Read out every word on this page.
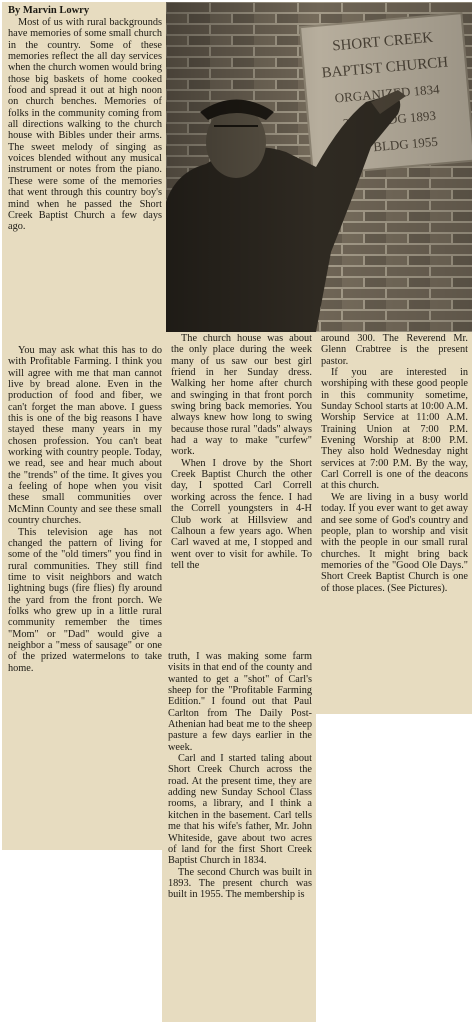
By Marvin Lowry

Most of us with rural backgrounds have memories of some small church in the country. Some of these memories reflect the all day services when the church women would bring those big baskets of home cooked food and spread it out at high noon on church benches. Memories of folks in the community coming from all directions walking to the church house with Bibles under their arms. The sweet melody of singing as voices blended without any musical instrument or notes from the piano. These were some of the memories that went through this country boy's mind when he passed the Short Creek Baptist Church a few days ago.

You may ask what this has to do with Profitable Farming. I think you will agree with me that man cannot live by bread alone. Even in the production of food and fiber, we can't forget the man above. I guess this is one of the big reasons I have stayed these many years in my chosen profession. You can't beat working with country people. Today, we read, see and hear much about the "trends" of the time. It gives you a feeling of hope when you visit these small communities over McMinn County and see these small country churches.

This television age has not changed the pattern of living for some of the "old timers" you find in rural communities. They still find time to visit neighbors and watch lightning bugs (fire flies) fly around the yard from the front porch. We folks who grew up in a little rural community remember the times "Mom" or "Dad" would give a neighbor a "mess of sausage" or one of the prized watermelons to take home.

The church house was about the only place during the week many of us saw our best girl friend in her Sunday dress. Walking her home after church and swinging in that front porch swing bring back memories. You always knew how long to swing because those rural "dads" always had a way to make "curfew" work.

When I drove by the Short Creek Baptist Church the other day, I spotted Carl Correll working across the fence. I had the Correll youngsters in 4-H Club work at Hillsview and Calhoun a few years ago. When Carl waved at me, I stopped and went over to visit for awhile. To tell the

truth, I was making some farm visits in that end of the county and wanted to get a "shot" of Carl's sheep for the "Profitable Farming Edition." I found out that Paul Carlton from The Daily Post-Athenian had beat me to the sheep pasture a few days earlier in the week.

Carl and I started taling about Short Creek Church across the road. At the present time, they are adding new Sunday School Class rooms, a library, and I think a kitchen in the basement. Carl tells me that his wife's father, Mr. John Whiteside, gave about two acres of land for the first Short Creek Baptist Church in 1834.

The second Church was built in 1893. The present church was built in 1955. The membership is

around 300. The Reverend Mr. Glenn Crabtree is the present pastor.

If you are interested in worshiping with these good people in this community sometime, Sunday School starts at 10:00 A.M. Worship Service at 11:00 A.M. Training Union at 7:00 P.M. Evening Worship at 8:00 P.M. They also hold Wednesday night services at 7:00 P.M. By the way, Carl Correll is one of the deacons at this church.

We are living in a busy world today. If you ever want to get away and see some of God's country and people, plan to worship and visit with the people in our small rural churches. It might bring back memories of the "Good Ole Days." Short Creek Baptist Church is one of those places. (See Pictures).
